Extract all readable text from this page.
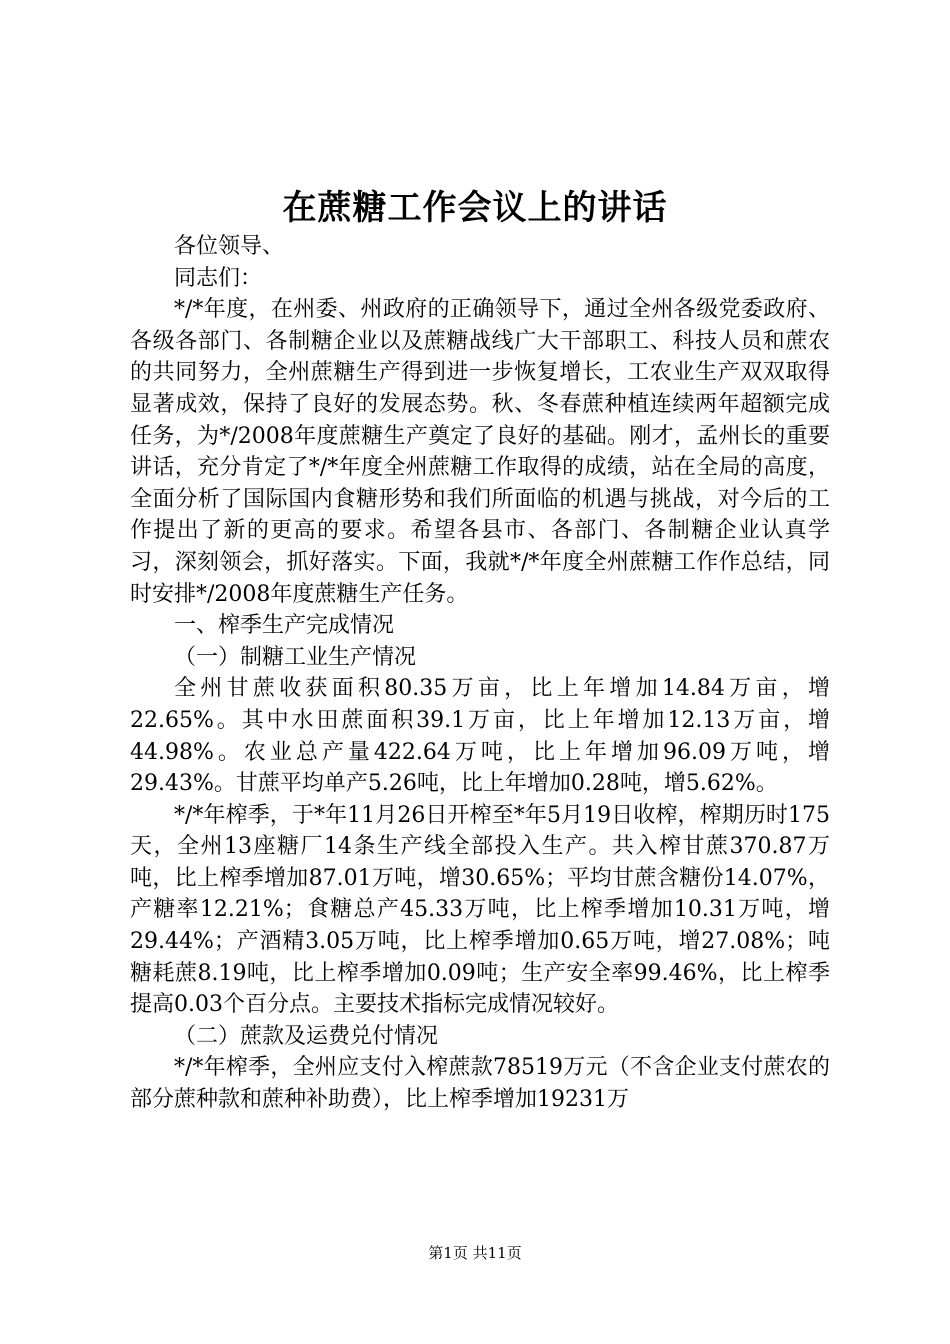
在蔗糖工作会议上的讲话

各位领导、

同志们：

*/*年度，在州委、州政府的正确领导下，通过全州各级党委政府、各级各部门、各制糖企业以及蔗糖战线广大干部职工、科技人员和蔗农的共同努力，全州蔗糖生产得到进一步恢复增长，工农业生产双双取得显著成效，保持了良好的发展态势。秋、冬春蔗种植连续两年超额完成任务，为*/2008年度蔗糖生产奠定了良好的基础。刚才，孟州长的重要讲话，充分肯定了*/*年度全州蔗糖工作取得的成绩，站在全局的高度，全面分析了国际国内食糖形势和我们所面临的机遇与挑战，对今后的工作提出了新的更高的要求。希望各县市、各部门、各制糖企业认真学习，深刻领会，抓好落实。下面，我就*/*年度全州蔗糖工作作总结，同时安排*/2008年度蔗糖生产任务。

一、榨季生产完成情况

（一）制糖工业生产情况

全州甘蔗收获面积80.35万亩，比上年增加14.84万亩，增22.65%。其中水田蔗面积39.1万亩，比上年增加12.13万亩，增44.98%。农业总产量422.64万吨，比上年增加96.09万吨，增29.43%。甘蔗平均单产5.26吨，比上年增加0.28吨，增5.62%。

*/*年榨季，于*年11月26日开榨至*年5月19日收榨，榨期历时175天，全州13座糖厂14条生产线全部投入生产。共入榨甘蔗370.87万吨，比上榨季增加87.01万吨，增30.65%；平均甘蔗含糖份14.07%，产糖率12.21%；食糖总产45.33万吨，比上榨季增加10.31万吨，增29.44%；产酒精3.05万吨，比上榨季增加0.65万吨，增27.08%；吨糖耗蔗8.19吨，比上榨季增加0.09吨；生产安全率99.46%，比上榨季提高0.03个百分点。主要技术指标完成情况较好。

（二）蔗款及运费兑付情况

*/*年榨季，全州应支付入榨蔗款78519万元（不含企业支付蔗农的部分蔗种款和蔗种补助费），比上榨季增加19231万

第1页 共11页
